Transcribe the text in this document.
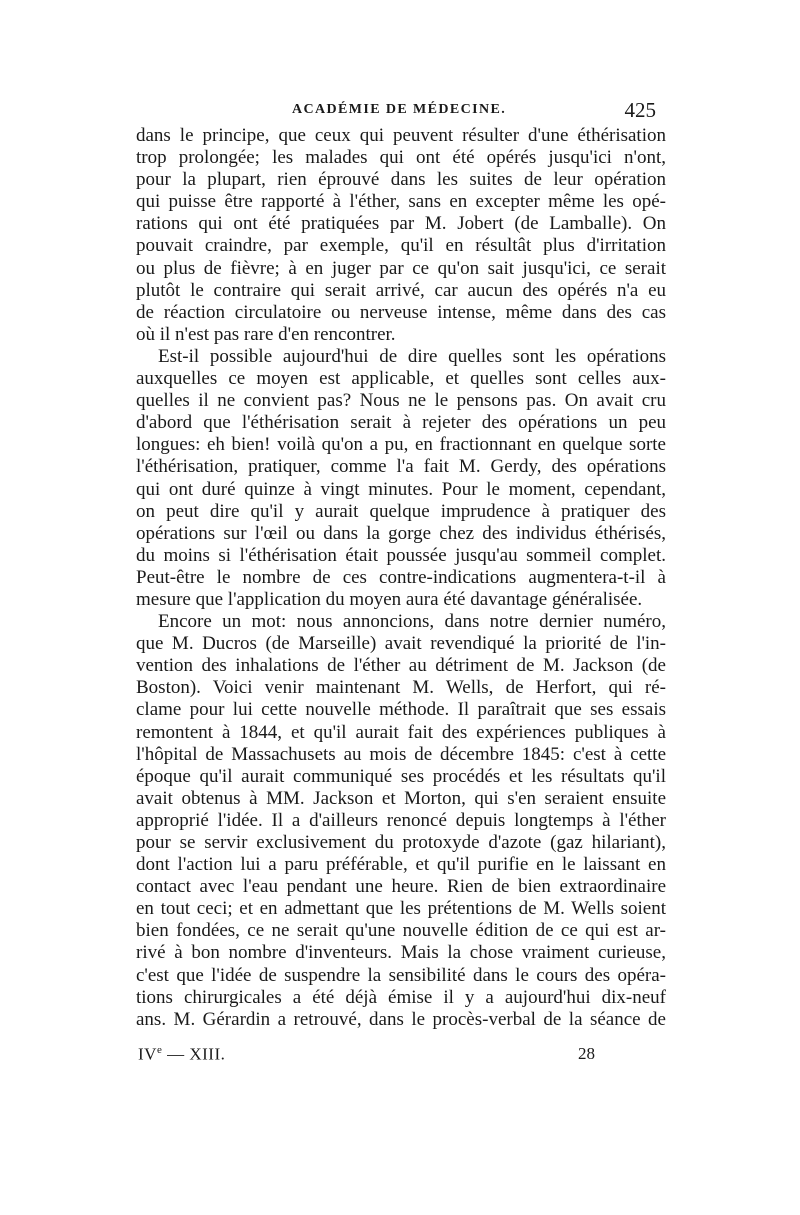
ACADÉMIE DE MÉDECINE.	425
dans le principe, que ceux qui peuvent résulter d'une éthérisation
trop prolongée; les malades qui ont été opérés jusqu'ici n'ont,
pour la plupart, rien éprouvé dans les suites de leur opération
qui puisse être rapporté à l'éther, sans en excepter même les opé-
rations qui ont été pratiquées par M. Jobert (de Lamballe). On
pouvait craindre, par exemple, qu'il en résultât plus d'irritation
ou plus de fièvre; à en juger par ce qu'on sait jusqu'ici, ce serait
plutôt le contraire qui serait arrivé, car aucun des opérés n'a eu
de réaction circulatoire ou nerveuse intense, même dans des cas
où il n'est pas rare d'en rencontrer.
Est-il possible aujourd'hui de dire quelles sont les opérations
auxquelles ce moyen est applicable, et quelles sont celles aux-
quelles il ne convient pas? Nous ne le pensons pas. On avait cru
d'abord que l'éthérisation serait à rejeter des opérations un peu
longues: eh bien! voilà qu'on a pu, en fractionnant en quelque sorte
l'éthérisation, pratiquer, comme l'a fait M. Gerdy, des opérations
qui ont duré quinze à vingt minutes. Pour le moment, cependant,
on peut dire qu'il y aurait quelque imprudence à pratiquer des
opérations sur l'œil ou dans la gorge chez des individus éthérisés,
du moins si l'éthérisation était poussée jusqu'au sommeil complet.
Peut-être le nombre de ces contre-indications augmentera-t-il à
mesure que l'application du moyen aura été davantage généralisée.
Encore un mot: nous annoncions, dans notre dernier numéro,
que M. Ducros (de Marseille) avait revendiqué la priorité de l'in-
vention des inhalations de l'éther au détriment de M. Jackson (de
Boston). Voici venir maintenant M. Wells, de Herfort, qui ré-
clame pour lui cette nouvelle méthode. Il paraîtrait que ses essais
remontent à 1844, et qu'il aurait fait des expériences publiques à
l'hôpital de Massachusets au mois de décembre 1845: c'est à cette
époque qu'il aurait communiqué ses procédés et les résultats qu'il
avait obtenus à MM. Jackson et Morton, qui s'en seraient ensuite
approprié l'idée. Il a d'ailleurs renoncé depuis longtemps à l'éther
pour se servir exclusivement du protoxyde d'azote (gaz hilariant),
dont l'action lui a paru préférable, et qu'il purifie en le laissant en
contact avec l'eau pendant une heure. Rien de bien extraordinaire
en tout ceci; et en admettant que les prétentions de M. Wells soient
bien fondées, ce ne serait qu'une nouvelle édition de ce qui est ar-
rivé à bon nombre d'inventeurs. Mais la chose vraiment curieuse,
c'est que l'idée de suspendre la sensibilité dans le cours des opéra-
tions chirurgicales a été déjà émise il y a aujourd'hui dix-neuf
ans. M. Gérardin a retrouvé, dans le procès-verbal de la séance de
IVe — XIII.	28
